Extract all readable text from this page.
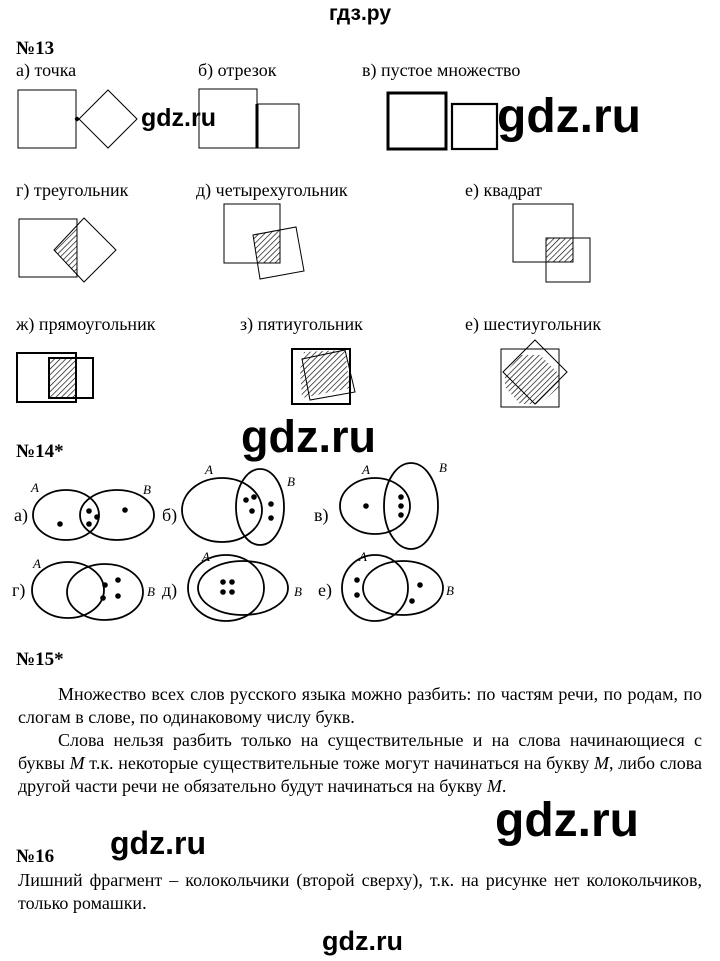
гдз.ру
№13
а) точка	б) отрезок	в) пустое множество
г) треугольник	д) четырехугольник	е) квадрат
ж) прямоугольник	з) пятиугольник	е) шестиугольник
№14*
а)	б)	в)
г)	д)	е)
A	B
A
B
A	B
A
B
A
B
A
B
№15*

Множество всех слов русского языка можно разбить: по частям речи, по родам, по слогам в слове, по одинаковому числу букв.

Слова нельзя разбить только на существительные и на слова начинающиеся с буквы М т.к. некоторые существительные тоже могут начинаться на букву М, либо слова другой части речи не обязательно будут начинаться на букву М.

№16

Лишний фрагмент – колокольчики (второй сверху), т.к. на рисунке нет колокольчиков, только ромашки.

gdz.ru	gdz.ru
gdz.ru
gdz.ru
gdz.ru
gdz.ru
